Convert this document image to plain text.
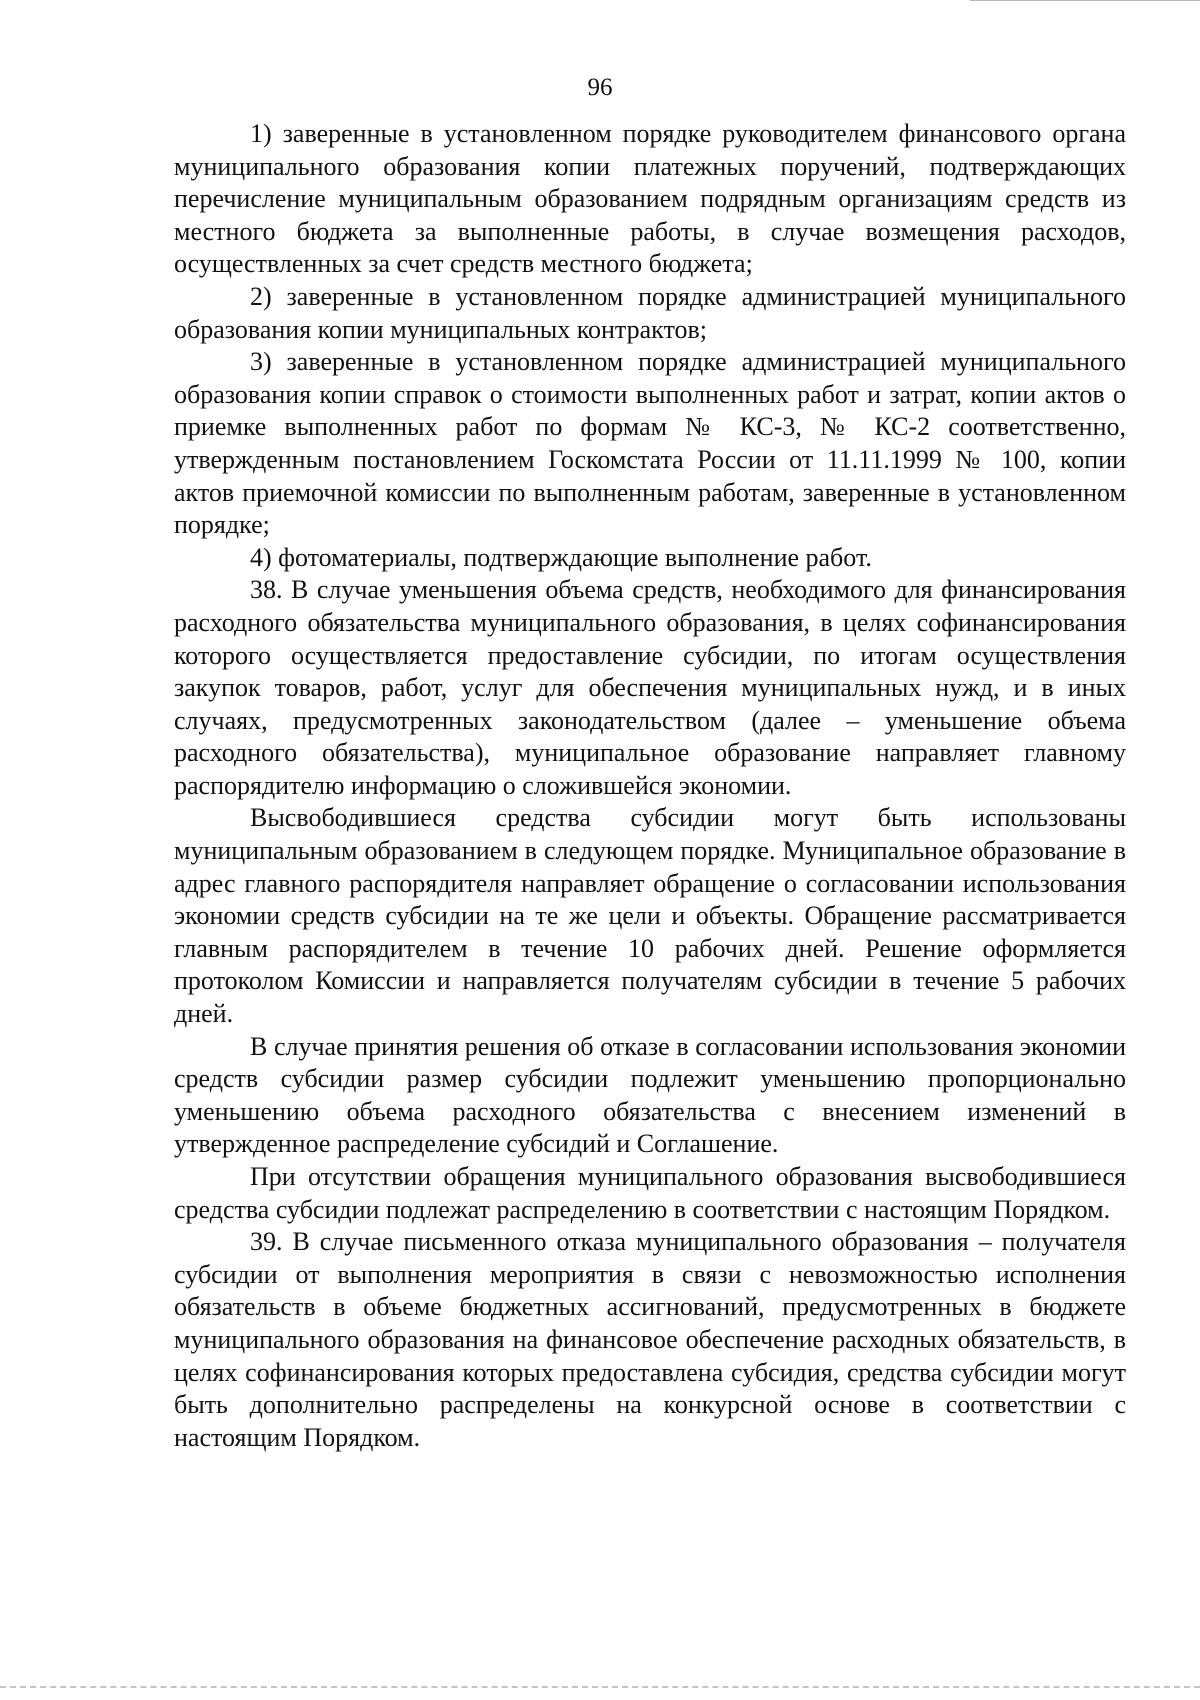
96

1) заверенные в установленном порядке руководителем финансового органа муниципального образования копии платежных поручений, подтверждающих перечисление муниципальным образованием подрядным организациям средств из местного бюджета за выполненные работы, в случае возмещения расходов, осуществленных за счет средств местного бюджета;

2) заверенные в установленном порядке администрацией муниципального образования копии муниципальных контрактов;

3) заверенные в установленном порядке администрацией муниципального образования копии справок о стоимости выполненных работ и затрат, копии актов о приемке выполненных работ по формам № КС-3, № КС-2 соответственно, утвержденным постановлением Госкомстата России от 11.11.1999 № 100, копии актов приемочной комиссии по выполненным работам, заверенные в установленном порядке;

4) фотоматериалы, подтверждающие выполнение работ.

38. В случае уменьшения объема средств, необходимого для финансирования расходного обязательства муниципального образования, в целях софинансирования которого осуществляется предоставление субсидии, по итогам осуществления закупок товаров, работ, услуг для обеспечения муниципальных нужд, и в иных случаях, предусмотренных законодательством (далее – уменьшение объема расходного обязательства), муниципальное образование направляет главному распорядителю информацию о сложившейся экономии.

Высвободившиеся средства субсидии могут быть использованы муниципальным образованием в следующем порядке. Муниципальное образование в адрес главного распорядителя направляет обращение о согласовании использования экономии средств субсидии на те же цели и объекты. Обращение рассматривается главным распорядителем в течение 10 рабочих дней. Решение оформляется протоколом Комиссии и направляется получателям субсидии в течение 5 рабочих дней.

В случае принятия решения об отказе в согласовании использования экономии средств субсидии размер субсидии подлежит уменьшению пропорционально уменьшению объема расходного обязательства с внесением изменений в утвержденное распределение субсидий и Соглашение.

При отсутствии обращения муниципального образования высвободившиеся средства субсидии подлежат распределению в соответствии с настоящим Порядком.

39. В случае письменного отказа муниципального образования – получателя субсидии от выполнения мероприятия в связи с невозможностью исполнения обязательств в объеме бюджетных ассигнований, предусмотренных в бюджете муниципального образования на финансовое обеспечение расходных обязательств, в целях софинансирования которых предоставлена субсидия, средства субсидии могут быть дополнительно распределены на конкурсной основе в соответствии с настоящим Порядком.
